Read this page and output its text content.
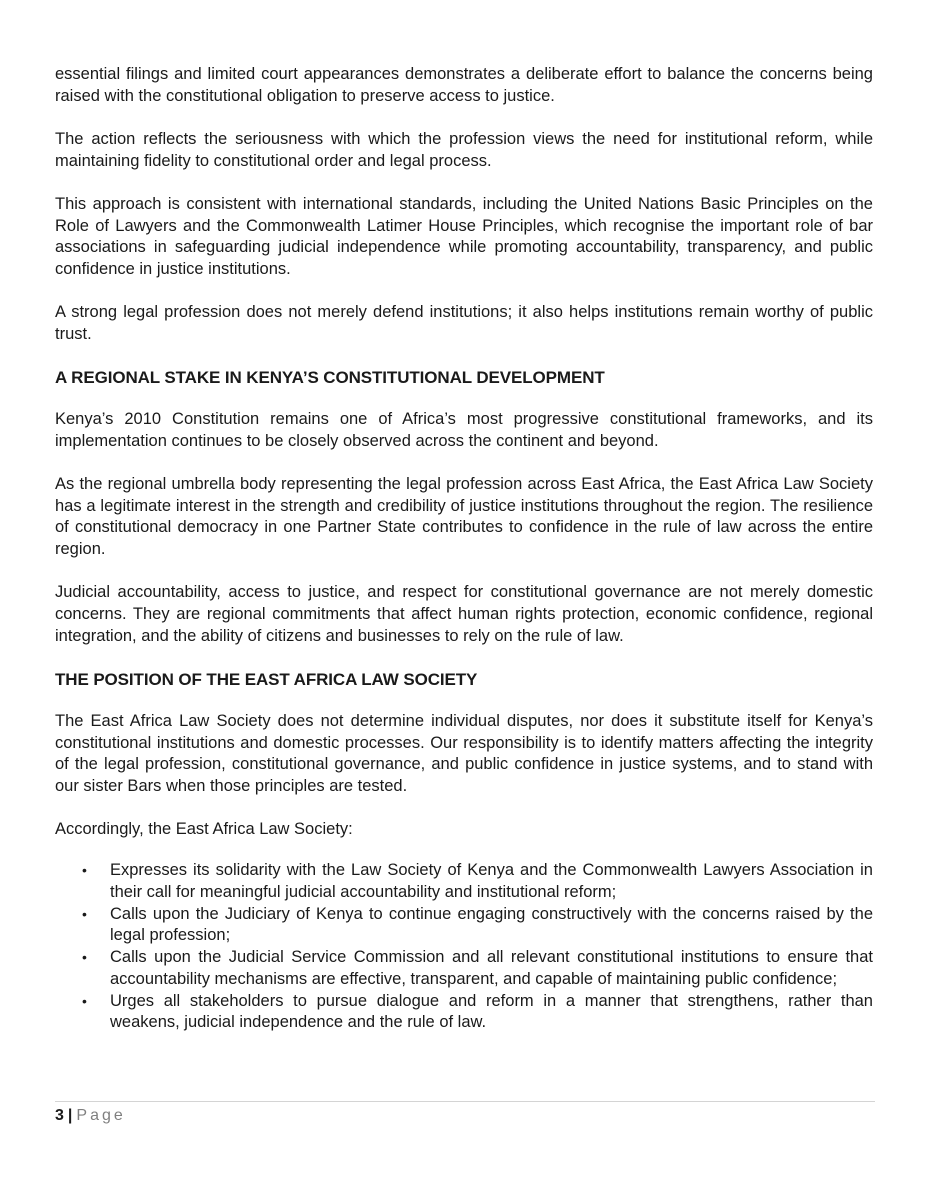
essential filings and limited court appearances demonstrates a deliberate effort to balance the concerns being raised with the constitutional obligation to preserve access to justice.

The action reflects the seriousness with which the profession views the need for institutional reform, while maintaining fidelity to constitutional order and legal process.

This approach is consistent with international standards, including the United Nations Basic Principles on the Role of Lawyers and the Commonwealth Latimer House Principles, which recognise the important role of bar associations in safeguarding judicial independence while promoting accountability, transparency, and public confidence in justice institutions.

A strong legal profession does not merely defend institutions; it also helps institutions remain worthy of public trust.

A REGIONAL STAKE IN KENYA’S CONSTITUTIONAL DEVELOPMENT

Kenya’s 2010 Constitution remains one of Africa’s most progressive constitutional frameworks, and its implementation continues to be closely observed across the continent and beyond.

As the regional umbrella body representing the legal profession across East Africa, the East Africa Law Society has a legitimate interest in the strength and credibility of justice institutions throughout the region. The resilience of constitutional democracy in one Partner State contributes to confidence in the rule of law across the entire region.

Judicial accountability, access to justice, and respect for constitutional governance are not merely domestic concerns. They are regional commitments that affect human rights protection, economic confidence, regional integration, and the ability of citizens and businesses to rely on the rule of law.

THE POSITION OF THE EAST AFRICA LAW SOCIETY

The East Africa Law Society does not determine individual disputes, nor does it substitute itself for Kenya’s constitutional institutions and domestic processes. Our responsibility is to identify matters affecting the integrity of the legal profession, constitutional governance, and public confidence in justice systems, and to stand with our sister Bars when those principles are tested.

Accordingly, the East Africa Law Society:

• Expresses its solidarity with the Law Society of Kenya and the Commonwealth Lawyers Association in their call for meaningful judicial accountability and institutional reform;
• Calls upon the Judiciary of Kenya to continue engaging constructively with the concerns raised by the legal profession;
• Calls upon the Judicial Service Commission and all relevant constitutional institutions to ensure that accountability mechanisms are effective, transparent, and capable of maintaining public confidence;
• Urges all stakeholders to pursue dialogue and reform in a manner that strengthens, rather than weakens, judicial independence and the rule of law.
3 | Page
